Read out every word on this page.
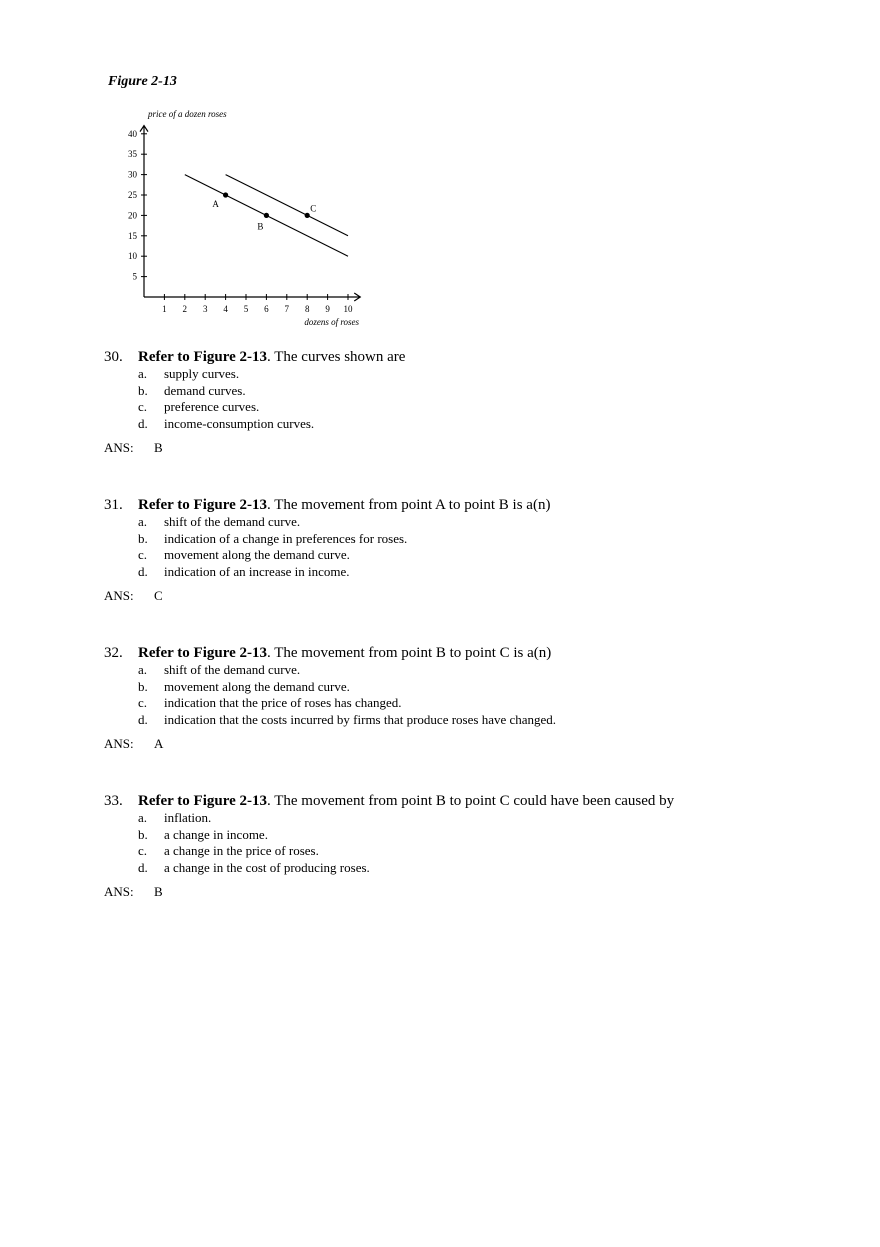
Figure 2-13
1 2 3 4 5 6 7 8 9 10
5
10
15
20
25
30
35
40
A
B
C
price of a dozen roses
dozens of roses
30. Refer to Figure 2-13. The curves shown are
a. supply curves.
b. demand curves.
c. preference curves.
d. income-consumption curves.
ANS: B
31. Refer to Figure 2-13. The movement from point A to point B is a(n)
a. shift of the demand curve.
b. indication of a change in preferences for roses.
c. movement along the demand curve.
d. indication of an increase in income.
ANS: C
32. Refer to Figure 2-13. The movement from point B to point C is a(n)
a. shift of the demand curve.
b. movement along the demand curve.
c. indication that the price of roses has changed.
d. indication that the costs incurred by firms that produce roses have changed.
ANS: A
33. Refer to Figure 2-13. The movement from point B to point C could have been caused by
a. inflation.
b. a change in income.
c. a change in the price of roses.
d. a change in the cost of producing roses.
ANS: B
